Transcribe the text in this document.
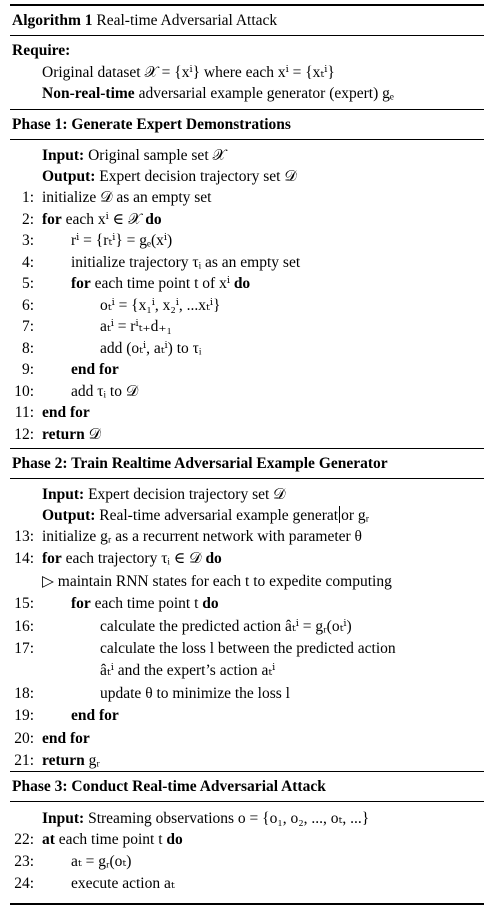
Algorithm 1 Real-time Adversarial Attack
Require:
Original dataset 𝒳 = {xⁱ} where each xⁱ = {xₜⁱ}
Non-real-time adversarial example generator (expert) gₑ
Phase 1: Generate Expert Demonstrations
Input: Original sample set 𝒳
Output: Expert decision trajectory set 𝒟
1: initialize 𝒟 as an empty set
2: for each xⁱ ∈ 𝒳 do
3: rⁱ = {rₜⁱ} = gₑ(xⁱ)
4: initialize trajectory τᵢ as an empty set
5: for each time point t of xⁱ do
6:	oₜⁱ = {x₁ⁱ, x₂ⁱ, ...xₜⁱ}
7:	aₜⁱ = rⁱₜ₊d₊₁
8:	add (oₜⁱ, aₜⁱ) to τᵢ
9: end for
10: add τᵢ to 𝒟
11: end for
12: return 𝒟
Phase 2: Train Realtime Adversarial Example Generator
Input: Expert decision trajectory set 𝒟
Output: Real-time adversarial example generat or gᵣ
13: initialize gᵣ as a recurrent network with parameter θ
14: for each trajectory τᵢ ∈ 𝒟 do
▷ maintain RNN states for each t to expedite computing
15: for each time point t do
16:	calculate the predicted action âₜⁱ = gᵣ(oₜⁱ)
17:	calculate the loss l between the predicted action
âₜⁱ and the expert’s action aₜⁱ
18:	update θ to minimize the loss l
19: end for
20: end for
21: return gᵣ
Phase 3: Conduct Real-time Adversarial Attack
Input: Streaming observations o = {o₁, o₂, ..., oₜ, ...}
22: at each time point t do
23: aₜ = gᵣ(oₜ)
24: execute action aₜ
